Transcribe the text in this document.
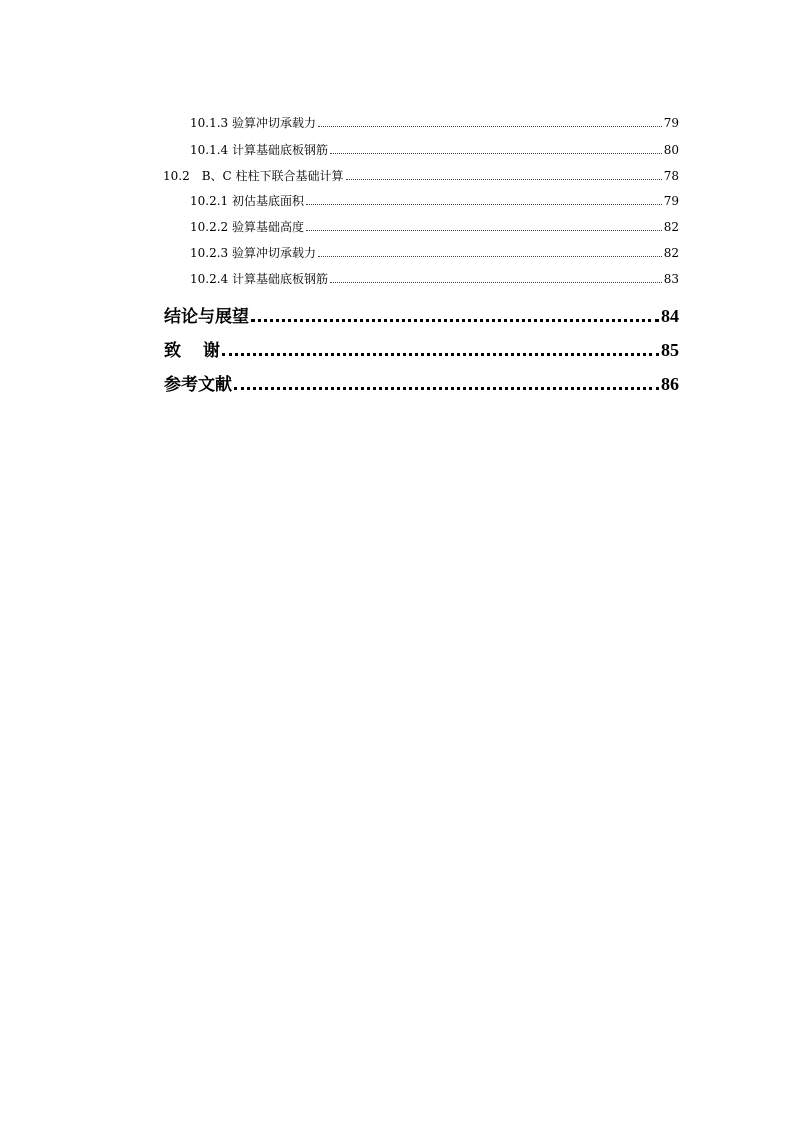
10.1.3 验算冲切承载力	79
10.1.4 计算基础底板钢筋	80
10.2　B、C 柱柱下联合基础计算	78
10.2.1 初估基底面积	79
10.2.2 验算基础高度	82
10.2.3 验算冲切承载力	82
10.2.4 计算基础底板钢筋	83
结论与展望	84
致 谢	85
参考文献	86
